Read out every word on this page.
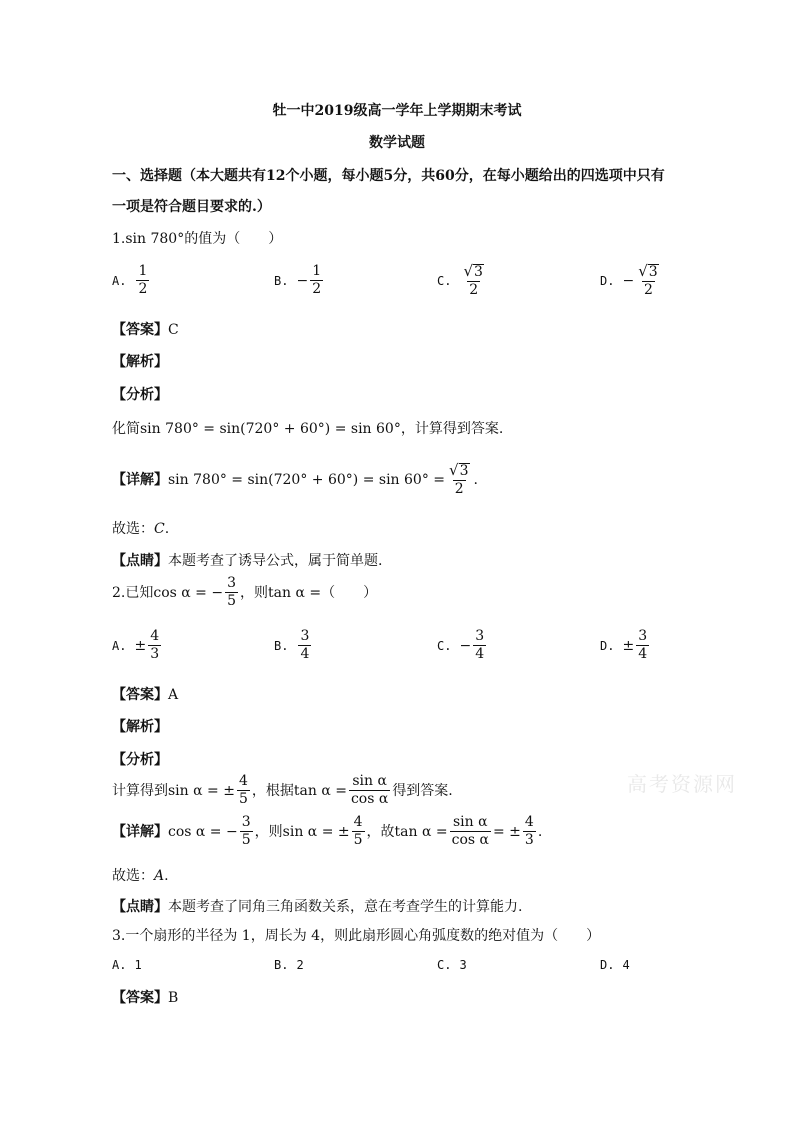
牡一中2019级高一学年上学期期末考试
数学试题
一、选择题（本大题共有12个小题，每小题5分，共60分，在每小题给出的四选项中只有
一项是符合题目要求的.）
1.sin 780°的值为（　　）
A. $\frac{1}{2}$	B. − $\frac{1}{2}$	C. $\frac{√ 3}{2}$	D. − $\frac{√ 3}{2}$
【答案】C
【解析】
【分析】
化简sin 780° = sin(720° + 60°) = sin 60°，计算得到答案.
【详解】 $\sin 780^\circ = \sin(720^\circ + 60^\circ) = \sin 60^\circ = \frac{√ 3}{2}$ .
故选：C.
【点睛】本题考查了诱导公式，属于简单题.
2.已知 cos α = − $\frac{3}{5}$ ，则 tan α = （　　）
A. ± $\frac{4}{3}$	B. $\frac{3}{4}$	C. − $\frac{3}{4}$	D. ± $\frac{3}{4}$
【答案】A
【解析】
【分析】
计算得到 sin α = ± $\frac{4}{5}$ ，根据 $\tan \alpha = \frac{\text{sin α}}{\text{cos α}}$ 得到答案.
【详解】 cos α = − $\frac{3}{5}$ ，则 sin α = ± $\frac{4}{5}$ ，故 $\tan \alpha = \frac{\text{sin α}}{\text{cos α}}$ = ± $\frac{4}{3}$ .
故选：A.
【点睛】本题考查了同角三角函数关系，意在考查学生的计算能力.
3.一个扇形的半径为 1，周长为 4，则此扇形圆心角弧度数的绝对值为（　　）
A. 1	B. 2	C. 3	D. 4
【答案】B
高考资源网
